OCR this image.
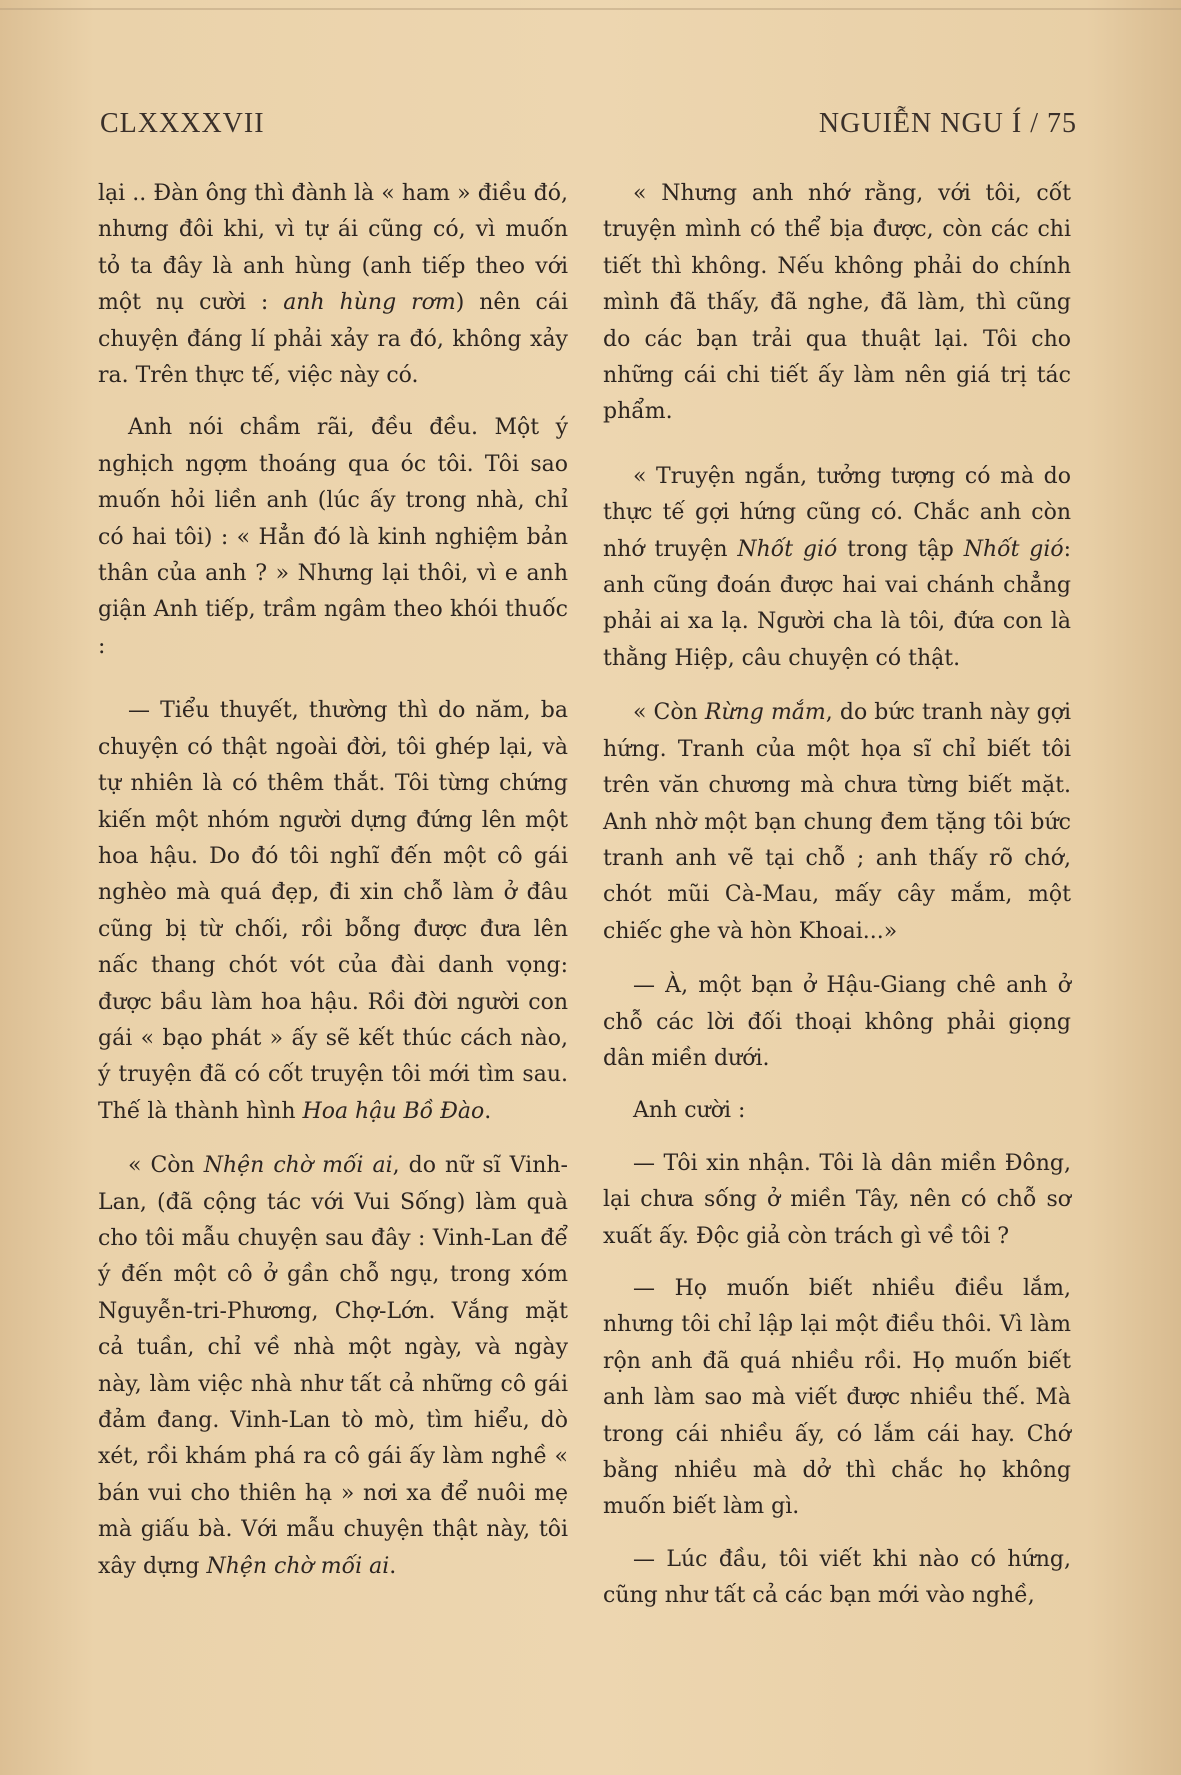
CLXXXXVII	NGUIỄN NGU Í / 75

lại .. Đàn ông thì đành là « ham » điều đó, nhưng đôi khi, vì tự ái cũng có, vì muốn tỏ ta đây là anh hùng (anh tiếp theo với một nụ cười : anh hùng rơm) nên cái chuyện đáng lí phải xảy ra đó, không xảy ra. Trên thực tế, việc này có.

Anh nói chầm rãi, đều đều. Một ý nghịch ngợm thoáng qua óc tôi. Tôi sao muốn hỏi liền anh (lúc ấy trong nhà, chỉ có hai tôi) : « Hẳn đó là kinh nghiệm bản thân của anh ? » Nhưng lại thôi, vì e anh giận Anh tiếp, trầm ngâm theo khói thuốc :

— Tiểu thuyết, thường thì do năm, ba chuyện có thật ngoài đời, tôi ghép lại, và tự nhiên là có thêm thắt. Tôi từng chứng kiến một nhóm người dựng đứng lên một hoa hậu. Do đó tôi nghĩ đến một cô gái nghèo mà quá đẹp, đi xin chỗ làm ở đâu cũng bị từ chối, rồi bỗng được đưa lên nấc thang chót vót của đài danh vọng: được bầu làm hoa hậu. Rồi đời người con gái « bạo phát » ấy sẽ kết thúc cách nào, ý truyện đã có cốt truyện tôi mới tìm sau. Thế là thành hình Hoa hậu Bồ Đào.

« Còn Nhện chờ mối ai, do nữ sĩ Vinh-Lan, (đã cộng tác với Vui Sống) làm quà cho tôi mẫu chuyện sau đây : Vinh-Lan để ý đến một cô ở gần chỗ ngụ, trong xóm Nguyễn-tri-Phương, Chợ-Lớn. Vắng mặt cả tuần, chỉ về nhà một ngày, và ngày này, làm việc nhà như tất cả những cô gái đảm đang. Vinh-Lan tò mò, tìm hiểu, dò xét, rồi khám phá ra cô gái ấy làm nghề « bán vui cho thiên hạ » nơi xa để nuôi mẹ mà giấu bà. Với mẫu chuyện thật này, tôi xây dựng Nhện chờ mối ai.

« Nhưng anh nhớ rằng, với tôi, cốt truyện mình có thể bịa được, còn các chi tiết thì không. Nếu không phải do chính mình đã thấy, đã nghe, đã làm, thì cũng do các bạn trải qua thuật lại. Tôi cho những cái chi tiết ấy làm nên giá trị tác phẩm.

« Truyện ngắn, tưởng tượng có mà do thực tế gợi hứng cũng có. Chắc anh còn nhớ truyện Nhốt gió trong tập Nhốt gió: anh cũng đoán được hai vai chánh chẳng phải ai xa lạ. Người cha là tôi, đứa con là thằng Hiệp, câu chuyện có thật.

« Còn Rừng mắm, do bức tranh này gợi hứng. Tranh của một họa sĩ chỉ biết tôi trên văn chương mà chưa từng biết mặt. Anh nhờ một bạn chung đem tặng tôi bức tranh anh vẽ tại chỗ ; anh thấy rõ chớ, chót mũi Cà-Mau, mấy cây mắm, một chiếc ghe và hòn Khoai...»

— À, một bạn ở Hậu-Giang chê anh ở chỗ các lời đối thoại không phải giọng dân miền dưới.

Anh cười :

— Tôi xin nhận. Tôi là dân miền Đông, lại chưa sống ở miền Tây, nên có chỗ sơ xuất ấy. Độc giả còn trách gì về tôi ?

— Họ muốn biết nhiều điều lắm, nhưng tôi chỉ lập lại một điều thôi. Vì làm rộn anh đã quá nhiều rồi. Họ muốn biết anh làm sao mà viết được nhiều thế. Mà trong cái nhiều ấy, có lắm cái hay. Chớ bằng nhiều mà dở thì chắc họ không muốn biết làm gì.

— Lúc đầu, tôi viết khi nào có hứng, cũng như tất cả các bạn mới vào nghề,
